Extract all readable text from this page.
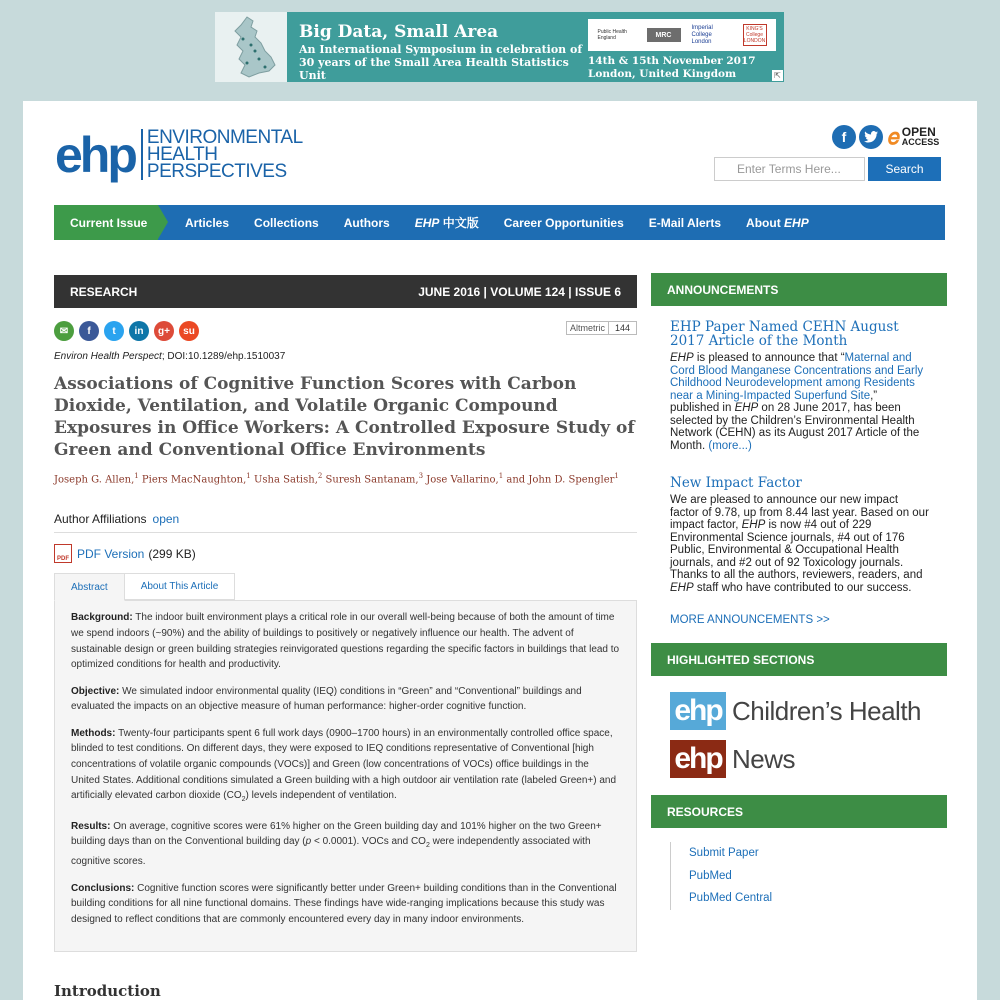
Big Data, Small Area
An International Symposium in celebration of
30 years of the Small Area Health Statistics Unit
Public Health England	MRC
Imperial College London
KING'S College LONDON
14th & 15th November 2017
London, United Kingdom	⇱
ehp ENVIRONMENTAL
HEALTH
PERSPECTIVES
f	𝑒 OPEN
ACCESS
Enter Terms Here...
Search
Current Issue	Articles Collections Authors EHP 中文版 Career Opportunities E-Mail Alerts About EHP
RESEARCH	JUNE 2016 | VOLUME 124 | ISSUE 6
✉	f	t	in	g+	su	Altmetric	144
Environ Health Perspect; DOI:10.1289/ehp.1510037
Associations of Cognitive Function Scores with Carbon Dioxide, Ventilation, and Volatile Organic Compound Exposures in Office Workers: A Controlled Exposure Study of Green and Conventional Office Environments
Joseph G. Allen,$^1$ Piers MacNaughton,$^1$ Usha Satish,$^2$ Suresh Santanam,$^3$ Jose Vallarino,$^1$ and John D. Spengler$^1$
Author Affiliations open
PDF PDF Version (299 KB)
Abstract	About This Article

Background: The indoor built environment plays a critical role in our overall well-being because of both the amount of time we spend indoors (~90%) and the ability of buildings to positively or negatively influence our health. The advent of sustainable design or green building strategies reinvigorated questions regarding the specific factors in buildings that lead to optimized conditions for health and productivity.

Objective: We simulated indoor environmental quality (IEQ) conditions in “Green” and “Conventional” buildings and evaluated the impacts on an objective measure of human performance: higher-order cognitive function.

Methods: Twenty-four participants spent 6 full work days (0900–1700 hours) in an environmentally controlled office space, blinded to test conditions. On different days, they were exposed to IEQ conditions representative of Conventional [high concentrations of volatile organic compounds (VOCs)] and Green (low concentrations of VOCs) office buildings in the United States. Additional conditions simulated a Green building with a high outdoor air ventilation rate (labeled Green+) and artificially elevated carbon dioxide $(CO_2)$ levels independent of ventilation.

Results: On average, cognitive scores were 61% higher on the Green building day and 101% higher on the two Green+ building days than on the Conventional building day (p < 0.0001). VOCs and $CO_2$ were independently associated with cognitive scores.

Conclusions: Cognitive function scores were significantly better under Green+ building conditions than in the Conventional building conditions for all nine functional domains. These findings have wide-ranging implications because this study was designed to reflect conditions that are commonly encountered every day in many indoor environments.

Introduction
ANNOUNCEMENTS
EHP Paper Named CEHN August 2017 Article of the Month
EHP is pleased to announce that “Maternal and Cord Blood Manganese Concentrations and Early Childhood Neurodevelopment among Residents near a Mining-Impacted Superfund Site,” published in EHP on 28 June 2017, has been selected by the Children’s Environmental Health Network (CEHN) as its August 2017 Article of the Month. (more...)
New Impact Factor
We are pleased to announce our new impact factor of 9.78, up from 8.44 last year. Based on our impact factor, EHP is now #4 out of 229 Environmental Science journals, #4 out of 176 Public, Environmental & Occupational Health journals, and #2 out of 92 Toxicology journals. Thanks to all the authors, reviewers, readers, and EHP staff who have contributed to our success.
MORE ANNOUNCEMENTS >>
HIGHLIGHTED SECTIONS
ehp Children’s Health
ehp News
RESOURCES
Submit Paper
PubMed
PubMed Central
